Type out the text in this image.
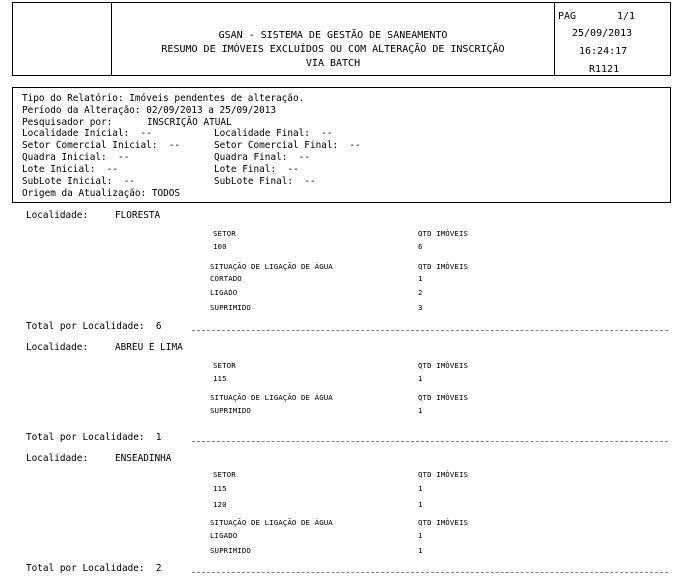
GSAN - SISTEMA DE GESTÃO DE SANEAMENTO
RESUMO DE IMÓVEIS EXCLUÍDOS OU COM ALTERAÇÃO DE INSCRIÇÃO
VIA BATCH
PAG	1/1
25/09/2013
16:24:17
R1121
Tipo do Relatório: Imóveis pendentes de alteração.
Período da Alteração: 02/09/2013 a 25/09/2013
Pesquisador por:	INSCRIÇÃO ATUAL
Localidade Inicial: --	Localidade Final: --
Setor Comercial Inicial: --	Setor Comercial Final: --
Quadra Inicial: --	Quadra Final: --
Lote Inicial: --	Lote Final: --
SubLote Inicial: --	SubLote Final: --
Origem da Atualização: TODOS
Localidade:	FLORESTA
SETOR	QTD IMÓVEIS
100	6
SITUAÇÃO DE LIGAÇÃO DE ÁGUA	QTD IMÓVEIS
CORTADO	1
LIGADO	2
SUPRIMIDO	3
Total por Localidade: 6
Localidade:	ABREU E LIMA
SETOR	QTD IMÓVEIS
115	1
SITUAÇÃO DE LIGAÇÃO DE ÁGUA	QTD IMÓVEIS
SUPRIMIDO	1
Total por Localidade: 1
Localidade:	ENSEADINHA
SETOR	QTD IMÓVEIS
115	1
120	1
SITUAÇÃO DE LIGAÇÃO DE ÁGUA	QTD IMÓVEIS
LIGADO	1
SUPRIMIDO	1
Total por Localidade: 2
